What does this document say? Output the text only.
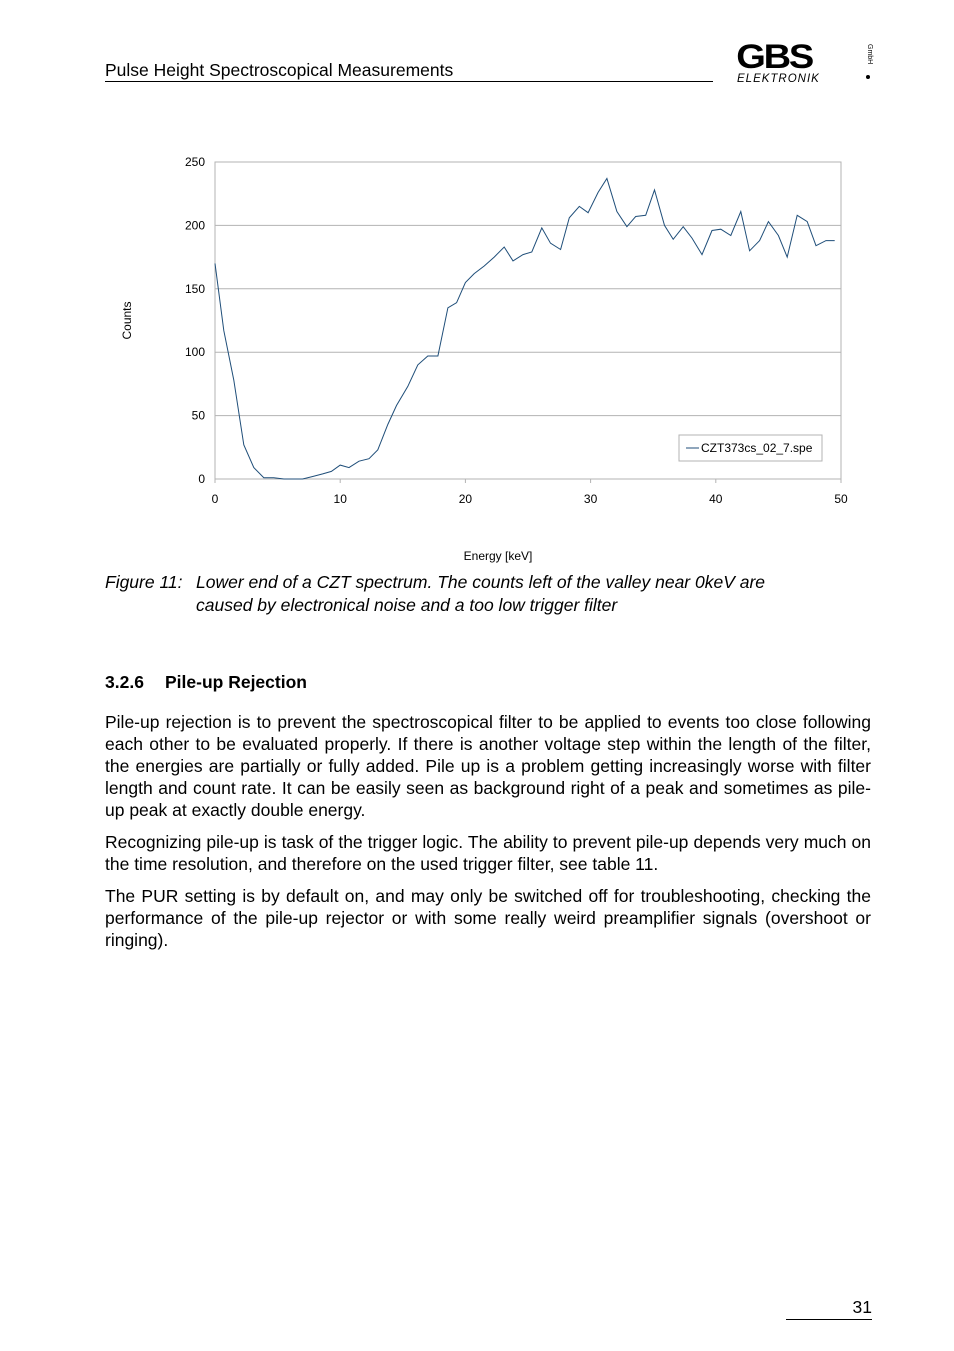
Pulse Height Spectroscopical Measurements	GBS
ELEKTRONIK
GmbH
0
50
100
150
200
250
0	10	20	30	40	50
Counts
Energy [keV]
CZT373cs_02_7.spe
Figure 11: Lower end of a CZT spectrum. The counts left of the valley near 0keV are
caused by electronical noise and a too low trigger filter
3.2.6 Pile-up Rejection

Pile-up rejection is to prevent the spectroscopical filter to be applied to events too close following each other to be evaluated properly. If there is another voltage step within the length of the filter, the energies are partially or fully added. Pile up is a problem getting increasingly worse with filter length and count rate. It can be easily seen as background right of a peak and sometimes as pile-up peak at exactly double energy.

Recognizing pile-up is task of the trigger logic. The ability to prevent pile-up depends very much on the time resolution, and therefore on the used trigger filter, see table 11.

The PUR setting is by default on, and may only be switched off for troubleshooting, checking the performance of the pile-up rejector or with some really weird preamplifier signals (overshoot or ringing).

31
